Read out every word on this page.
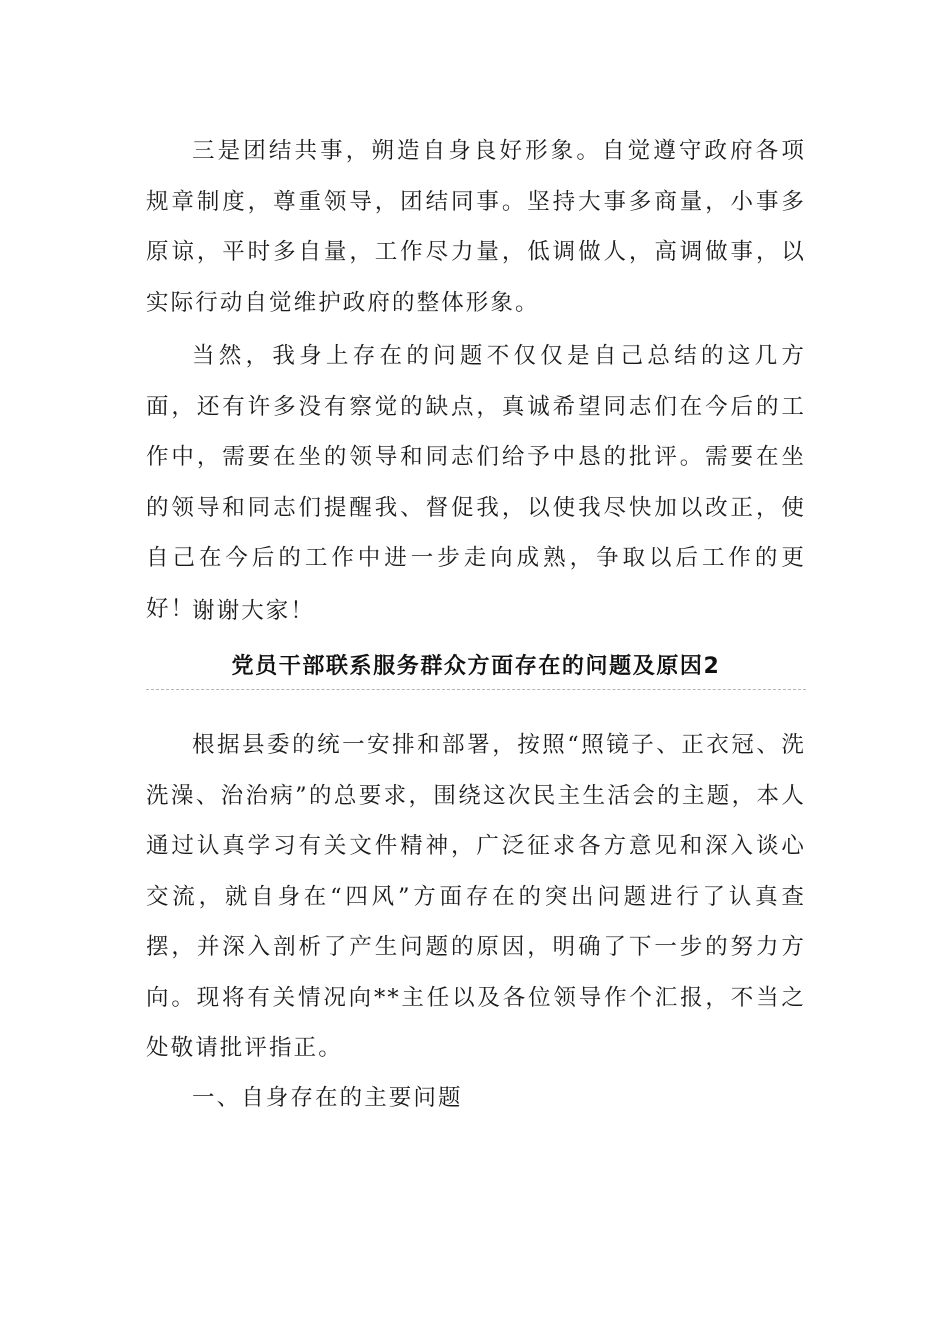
三是团结共事，朔造自身良好形象。自觉遵守政府各项规章制度，尊重领导，团结同事。坚持大事多商量，小事多原谅，平时多自量，工作尽力量，低调做人，高调做事，以实际行动自觉维护政府的整体形象。

当然，我身上存在的问题不仅仅是自己总结的这几方面，还有许多没有察觉的缺点，真诚希望同志们在今后的工作中，需要在坐的领导和同志们给予中恳的批评。需要在坐的领导和同志们提醒我、督促我，以使我尽快加以改正，使自己在今后的工作中进一步走向成熟，争取以后工作的更好！

谢谢大家！

党员干部联系服务群众方面存在的问题及原因2

根据县委的统一安排和部署，按照“照镜子、正衣冠、洗洗澡、治治病”的总要求，围绕这次民主生活会的主题，本人通过认真学习有关文件精神，广泛征求各方意见和深入谈心交流，就自身在“四风”方面存在的突出问题进行了认真查摆，并深入剖析了产生问题的原因，明确了下一步的努力方向。现将有关情况向**主任以及各位领导作个汇报，不当之处敬请批评指正。

一、自身存在的主要问题
